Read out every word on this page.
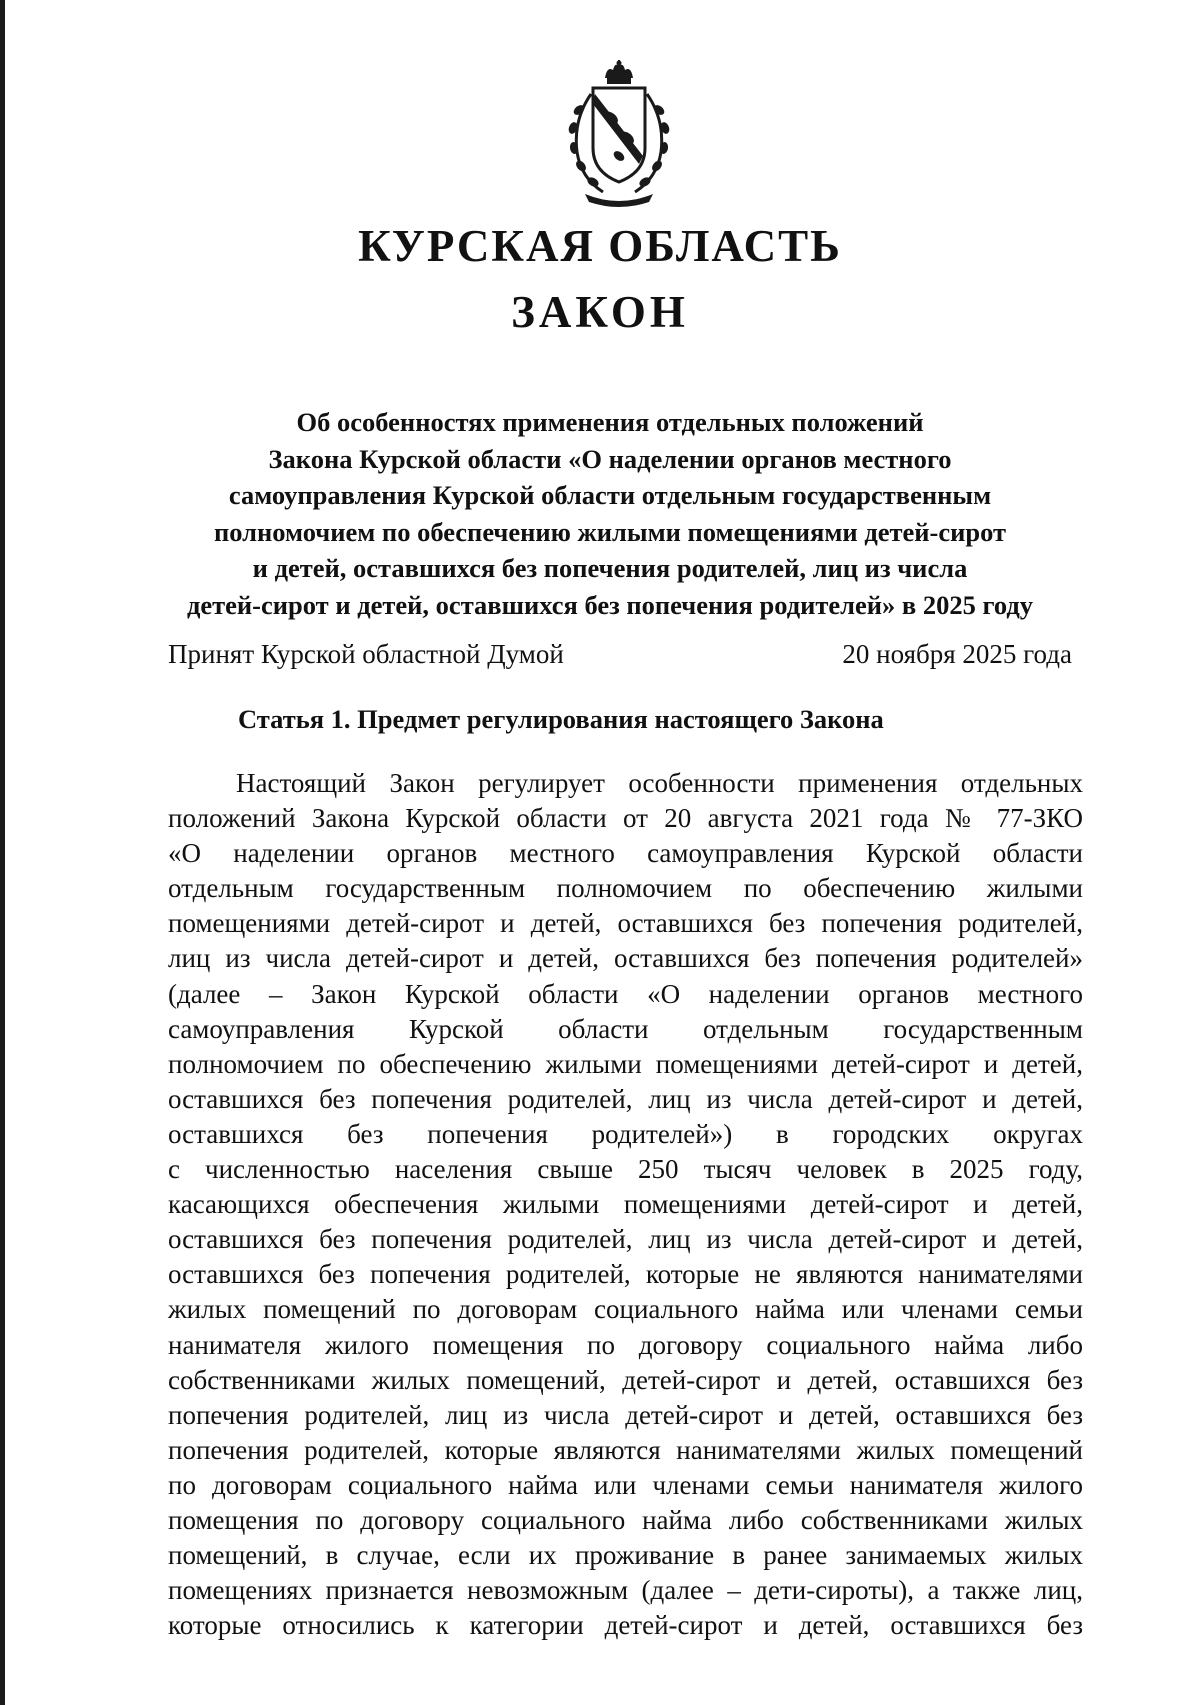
КУРСКАЯ ОБЛАСТЬ
ЗАКОН
Об особенностях применения отдельных положений
Закона Курской области «О наделении органов местного
самоуправления Курской области отдельным государственным
полномочием по обеспечению жилыми помещениями детей-сирот
и детей, оставшихся без попечения родителей, лиц из числа
детей-сирот и детей, оставшихся без попечения родителей» в 2025 году
Принят Курской областной Думой	20 ноября 2025 года
Статья 1. Предмет регулирования настоящего Закона
Настоящий Закон регулирует особенности применения отдельных
положений Закона Курской области от 20 августа 2021 года № 77-ЗКО
«О наделении органов местного самоуправления Курской области
отдельным государственным полномочием по обеспечению жилыми
помещениями детей-сирот и детей, оставшихся без попечения родителей,
лиц из числа детей-сирот и детей, оставшихся без попечения родителей»
(далее – Закон Курской области «О наделении органов местного
самоуправления Курской области отдельным государственным
полномочием по обеспечению жилыми помещениями детей-сирот и детей,
оставшихся без попечения родителей, лиц из числа детей-сирот и детей,
оставшихся без попечения родителей») в городских округах
с численностью населения свыше 250 тысяч человек в 2025 году,
касающихся обеспечения жилыми помещениями детей-сирот и детей,
оставшихся без попечения родителей, лиц из числа детей-сирот и детей,
оставшихся без попечения родителей, которые не являются нанимателями
жилых помещений по договорам социального найма или членами семьи
нанимателя жилого помещения по договору социального найма либо
собственниками жилых помещений, детей-сирот и детей, оставшихся без
попечения родителей, лиц из числа детей-сирот и детей, оставшихся без
попечения родителей, которые являются нанимателями жилых помещений
по договорам социального найма или членами семьи нанимателя жилого
помещения по договору социального найма либо собственниками жилых
помещений, в случае, если их проживание в ранее занимаемых жилых
помещениях признается невозможным (далее – дети-сироты), а также лиц,
которые относились к категории детей-сирот и детей, оставшихся без
